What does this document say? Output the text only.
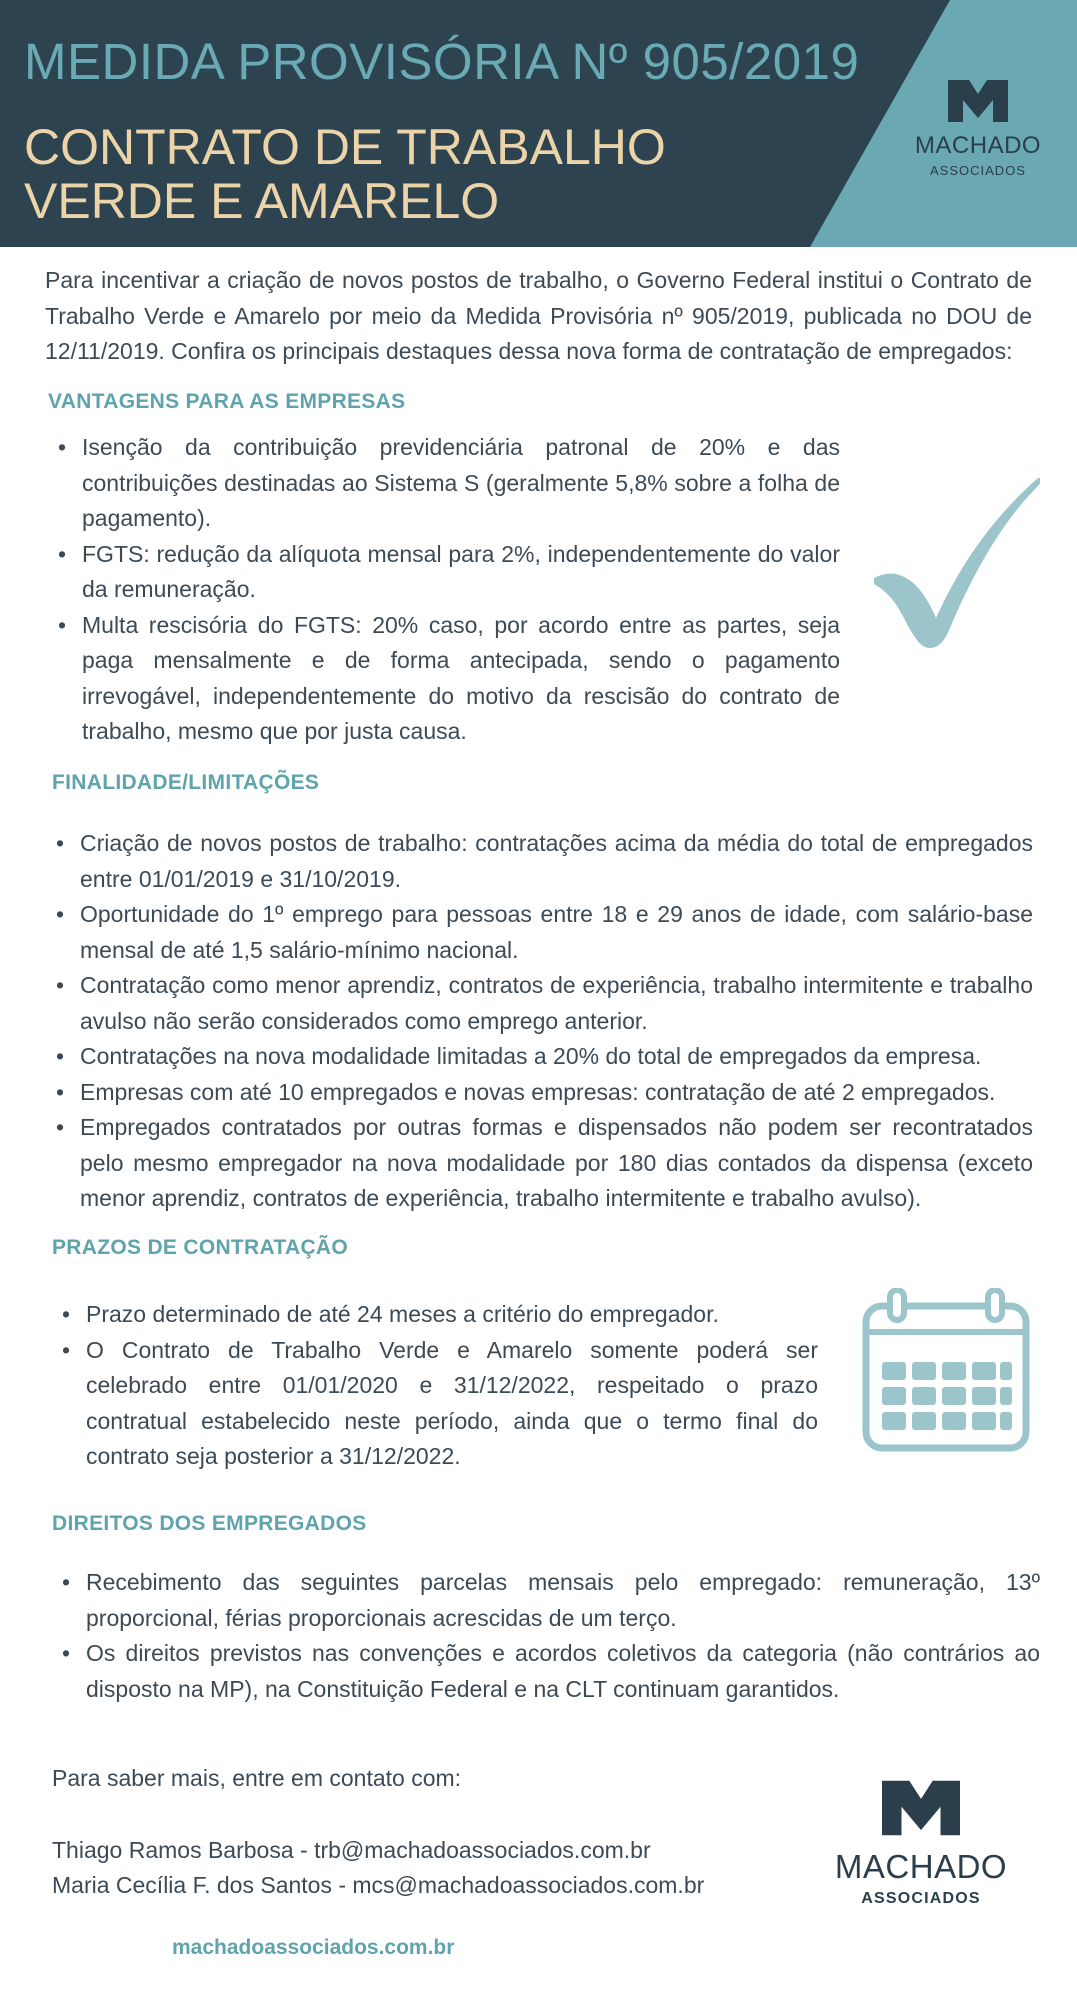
MEDIDA PROVISÓRIA Nº 905/2019
CONTRATO DE TRABALHO
VERDE E AMARELO
MACHADO
ASSOCIADOS

Para incentivar a criação de novos postos de trabalho, o Governo Federal institui o Contrato de Trabalho Verde e Amarelo por meio da Medida Provisória nº 905/2019, publicada no DOU de 12/11/2019. Confira os principais destaques dessa nova forma de contratação de empregados:

VANTAGENS PARA AS EMPRESAS
• Isenção da contribuição previdenciária patronal de 20% e das contribuições destinadas ao Sistema S (geralmente 5,8% sobre a folha de pagamento).
• FGTS: redução da alíquota mensal para 2%, independentemente do valor da remuneração.
• Multa rescisória do FGTS: 20% caso, por acordo entre as partes, seja paga mensalmente e de forma antecipada, sendo o pagamento irrevogável, independentemente do motivo da rescisão do contrato de trabalho, mesmo que por justa causa.
FINALIDADE/LIMITAÇÕES
• Criação de novos postos de trabalho: contratações acima da média do total de empregados entre 01/01/2019 e 31/10/2019.
• Oportunidade do 1º emprego para pessoas entre 18 e 29 anos de idade, com salário-base mensal de até 1,5 salário-mínimo nacional.
• Contratação como menor aprendiz, contratos de experiência, trabalho intermitente e trabalho avulso não serão considerados como emprego anterior.
• Contratações na nova modalidade limitadas a 20% do total de empregados da empresa.
• Empresas com até 10 empregados e novas empresas: contratação de até 2 empregados.
• Empregados contratados por outras formas e dispensados não podem ser recontratados pelo mesmo empregador na nova modalidade por 180 dias contados da dispensa (exceto menor aprendiz, contratos de experiência, trabalho intermitente e trabalho avulso).
PRAZOS DE CONTRATAÇÃO
• Prazo determinado de até 24 meses a critério do empregador.
• O Contrato de Trabalho Verde e Amarelo somente poderá ser celebrado entre 01/01/2020 e 31/12/2022, respeitado o prazo contratual estabelecido neste período, ainda que o termo final do contrato seja posterior a 31/12/2022.
DIREITOS DOS EMPREGADOS
• Recebimento das seguintes parcelas mensais pelo empregado: remuneração, 13º proporcional, férias proporcionais acrescidas de um terço.
• Os direitos previstos nas convenções e acordos coletivos da categoria (não contrários ao disposto na MP), na Constituição Federal e na CLT continuam garantidos.
Para saber mais, entre em contato com:
Thiago Ramos Barbosa - trb@machadoassociados.com.br
Maria Cecília F. dos Santos - mcs@machadoassociados.com.br
machadoassociados.com.br
MACHADO
ASSOCIADOS
